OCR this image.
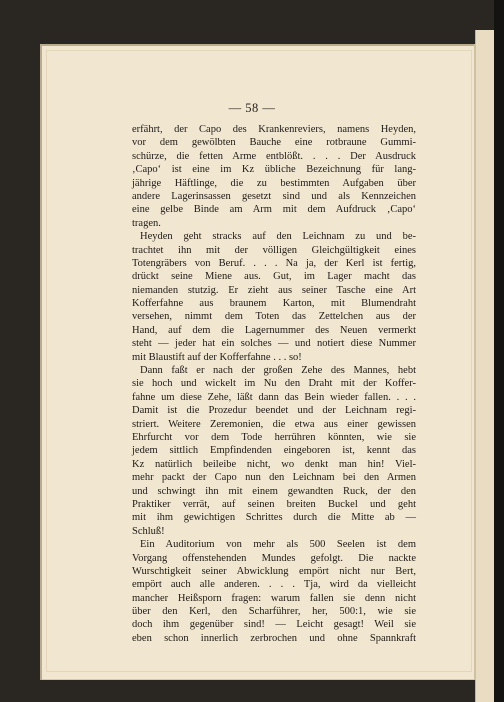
— 58 —
erfährt, der Capo des Krankenreviers, namens Heyden,
vor dem gewölbten Bauche eine rotbraune Gummi-
schürze, die fetten Arme entblößt. . . . Der Ausdruck
‚Capo‘ ist eine im Kz übliche Bezeichnung für lang-
jährige Häftlinge, die zu bestimmten Aufgaben über
andere Lagerinsassen gesetzt sind und als Kennzeichen
eine gelbe Binde am Arm mit dem Aufdruck ‚Capo‘
tragen.
Heyden geht stracks auf den Leichnam zu und be-
trachtet ihn mit der völligen Gleichgültigkeit eines
Totengräbers von Beruf. . . . Na ja, der Kerl ist fertig,
drückt seine Miene aus. Gut, im Lager macht das
niemanden stutzig. Er zieht aus seiner Tasche eine Art
Kofferfahne aus braunem Karton, mit Blumendraht
versehen, nimmt dem Toten das Zettelchen aus der
Hand, auf dem die Lagernummer des Neuen vermerkt
steht — jeder hat ein solches — und notiert diese Nummer
mit Blaustift auf der Kofferfahne . . . so!
Dann faßt er nach der großen Zehe des Mannes, hebt
sie hoch und wickelt im Nu den Draht mit der Koffer-
fahne um diese Zehe, läßt dann das Bein wieder fallen. . . .
Damit ist die Prozedur beendet und der Leichnam regi-
striert. Weitere Zeremonien, die etwa aus einer gewissen
Ehrfurcht vor dem Tode herrühren könnten, wie sie
jedem sittlich Empfindenden eingeboren ist, kennt das
Kz natürlich beileibe nicht, wo denkt man hin! Viel-
mehr packt der Capo nun den Leichnam bei den Armen
und schwingt ihn mit einem gewandten Ruck, der den
Praktiker verrät, auf seinen breiten Buckel und geht
mit ihm gewichtigen Schrittes durch die Mitte ab —
Schluß!
Ein Auditorium von mehr als 500 Seelen ist dem
Vorgang offenstehenden Mundes gefolgt. Die nackte
Wurschtigkeit seiner Abwicklung empört nicht nur Bert,
empört auch alle anderen. . . . Tja, wird da vielleicht
mancher Heißsporn fragen: warum fallen sie denn nicht
über den Kerl, den Scharführer, her, 500:1, wie sie
doch ihm gegenüber sind! — Leicht gesagt! Weil sie
eben schon innerlich zerbrochen und ohne Spannkraft
